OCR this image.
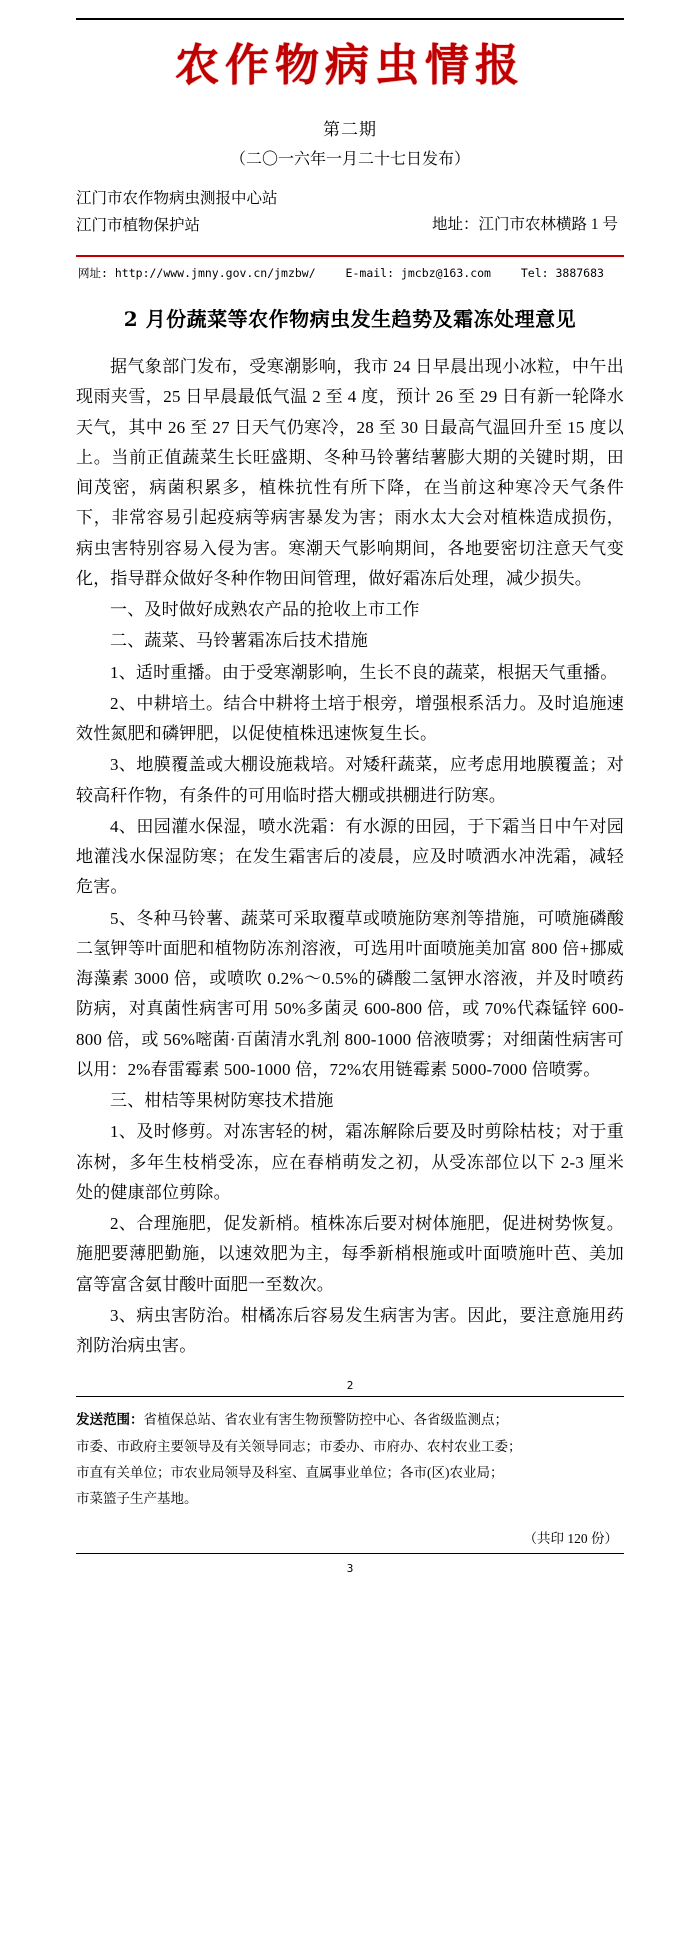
农作物病虫情报
第二期
（二〇一六年一月二十七日发布）
江门市农作物病虫测报中心站
江门市植物保护站	地址：江门市农林横路 1 号
网址: http://www.jmny.gov.cn/jmzbw/	E-mail: jmcbz@163.com	Tel: 3887683
2 月份蔬菜等农作物病虫发生趋势及霜冻处理意见

据气象部门发布，受寒潮影响，我市 24 日早晨出现小冰粒，中午出现雨夹雪，25 日早晨最低气温 2 至 4 度，预计 26 至 29 日有新一轮降水天气，其中 26 至 27 日天气仍寒冷，28 至 30 日最高气温回升至 15 度以上。当前正值蔬菜生长旺盛期、冬种马铃薯结薯膨大期的关键时期，田间茂密，病菌积累多，植株抗性有所下降，在当前这种寒冷天气条件下，非常容易引起疫病等病害暴发为害；雨水太大会对植株造成损伤，病虫害特别容易入侵为害。寒潮天气影响期间，各地要密切注意天气变化，指导群众做好冬种作物田间管理，做好霜冻后处理，减少损失。

一、及时做好成熟农产品的抢收上市工作

二、蔬菜、马铃薯霜冻后技术措施

1、适时重播。由于受寒潮影响，生长不良的蔬菜，根据天气重播。

2、中耕培土。结合中耕将土培于根旁，增强根系活力。及时追施速效性氮肥和磷钾肥，以促使植株迅速恢复生长。

3、地膜覆盖或大棚设施栽培。对矮秆蔬菜，应考虑用地膜覆盖；对较高秆作物，有条件的可用临时搭大棚或拱棚进行防寒。

4、田园灌水保湿，喷水洗霜：有水源的田园，于下霜当日中午对园地灌浅水保湿防寒；在发生霜害后的凌晨，应及时喷洒水冲洗霜，减轻危害。

5、冬种马铃薯、蔬菜可采取覆草或喷施防寒剂等措施，可喷施磷酸二氢钾等叶面肥和植物防冻剂溶液，可选用叶面喷施美加富 800 倍+挪威海藻素 3000 倍，或喷吹 0.2%～0.5%的磷酸二氢钾水溶液，并及时喷药防病，对真菌性病害可用 50%多菌灵 600-800 倍，或 70%代森锰锌 600-800 倍，或 56%嘧菌·百菌清水乳剂 800-1000 倍液喷雾；对细菌性病害可以用：2%春雷霉素 500-1000 倍，72%农用链霉素 5000-7000 倍喷雾。

三、柑桔等果树防寒技术措施

1、及时修剪。对冻害轻的树，霜冻解除后要及时剪除枯枝；对于重冻树，多年生枝梢受冻，应在春梢萌发之初，从受冻部位以下 2-3 厘米处的健康部位剪除。

2、合理施肥，促发新梢。植株冻后要对树体施肥，促进树势恢复。施肥要薄肥勤施，以速效肥为主，每季新梢根施或叶面喷施叶芭、美加富等富含氨甘酸叶面肥一至数次。

3、病虫害防治。柑橘冻后容易发生病害为害。因此，要注意施用药剂防治病虫害。

2
发送范围：省植保总站、省农业有害生物预警防控中心、各省级监测点；
市委、市政府主要领导及有关领导同志；市委办、市府办、农村农业工委；
市直有关单位；市农业局领导及科室、直属事业单位；各市(区)农业局；
市菜篮子生产基地。
（共印 120 份）
3
